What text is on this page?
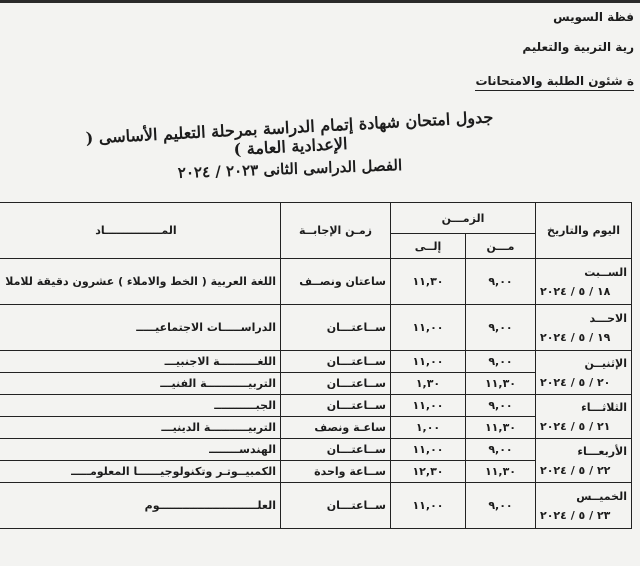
فظة السويس
رية التربية والتعليم
ة شئون الطلبة والامتحانات
جدول امتحان شهادة إتمام الدراسة بمرحلة التعليم الأساسى ( الإعدادية العامة )
الفصل الدراسى الثانى ٢٠٢٣ / ٢٠٢٤
اليوم والتاريخ	الزمـــن		زمـن الإجابــة	المـــــــــــــــاد
	مـــن	إلــى		

الســبت
١٨ / ٥ / ٢٠٢٤	٩,٠٠	١١,٣٠	ساعتان ونصــف	اللغة العربية ( الخط والاملاء ) عشرون دقيقة للاملا

الاحـــد
١٩ / ٥ / ٢٠٢٤	٩,٠٠	١١,٠٠	ســاعتـــان	الدراســـــات الاجتماعيـــــ

الإثنيــن
٢٠ / ٥ / ٢٠٢٤	٩,٠٠	١١,٠٠	ســاعتـــان	اللغــــــــــة الاجنبيـــ
	١١,٣٠	١,٣٠	ســاعتـــان	التربيـــــــــــة الفنيـــ

الثلاثـــاء
٢١ / ٥ / ٢٠٢٤	٩,٠٠	١١,٠٠	ســاعتـــان	الجبـــــــــــ
	١١,٣٠	١,٠٠	ساعـة ونصف	التربيــــــــــة الدينيـــ

الأربعـــاء
٢٢ / ٥ / ٢٠٢٤	٩,٠٠	١١,٠٠	ســاعتـــان	الهندســــــــ
	١١,٣٠	١٢,٣٠	ســاعة واحدة	الكمبيــوتـر وتكنولوجيــــــا المعلومـــــ

الخميــس
٢٣ / ٥ / ٢٠٢٤	٩,٠٠	١١,٠٠	ســاعتـــان	العلــــــــــــــــــــــــــوم
